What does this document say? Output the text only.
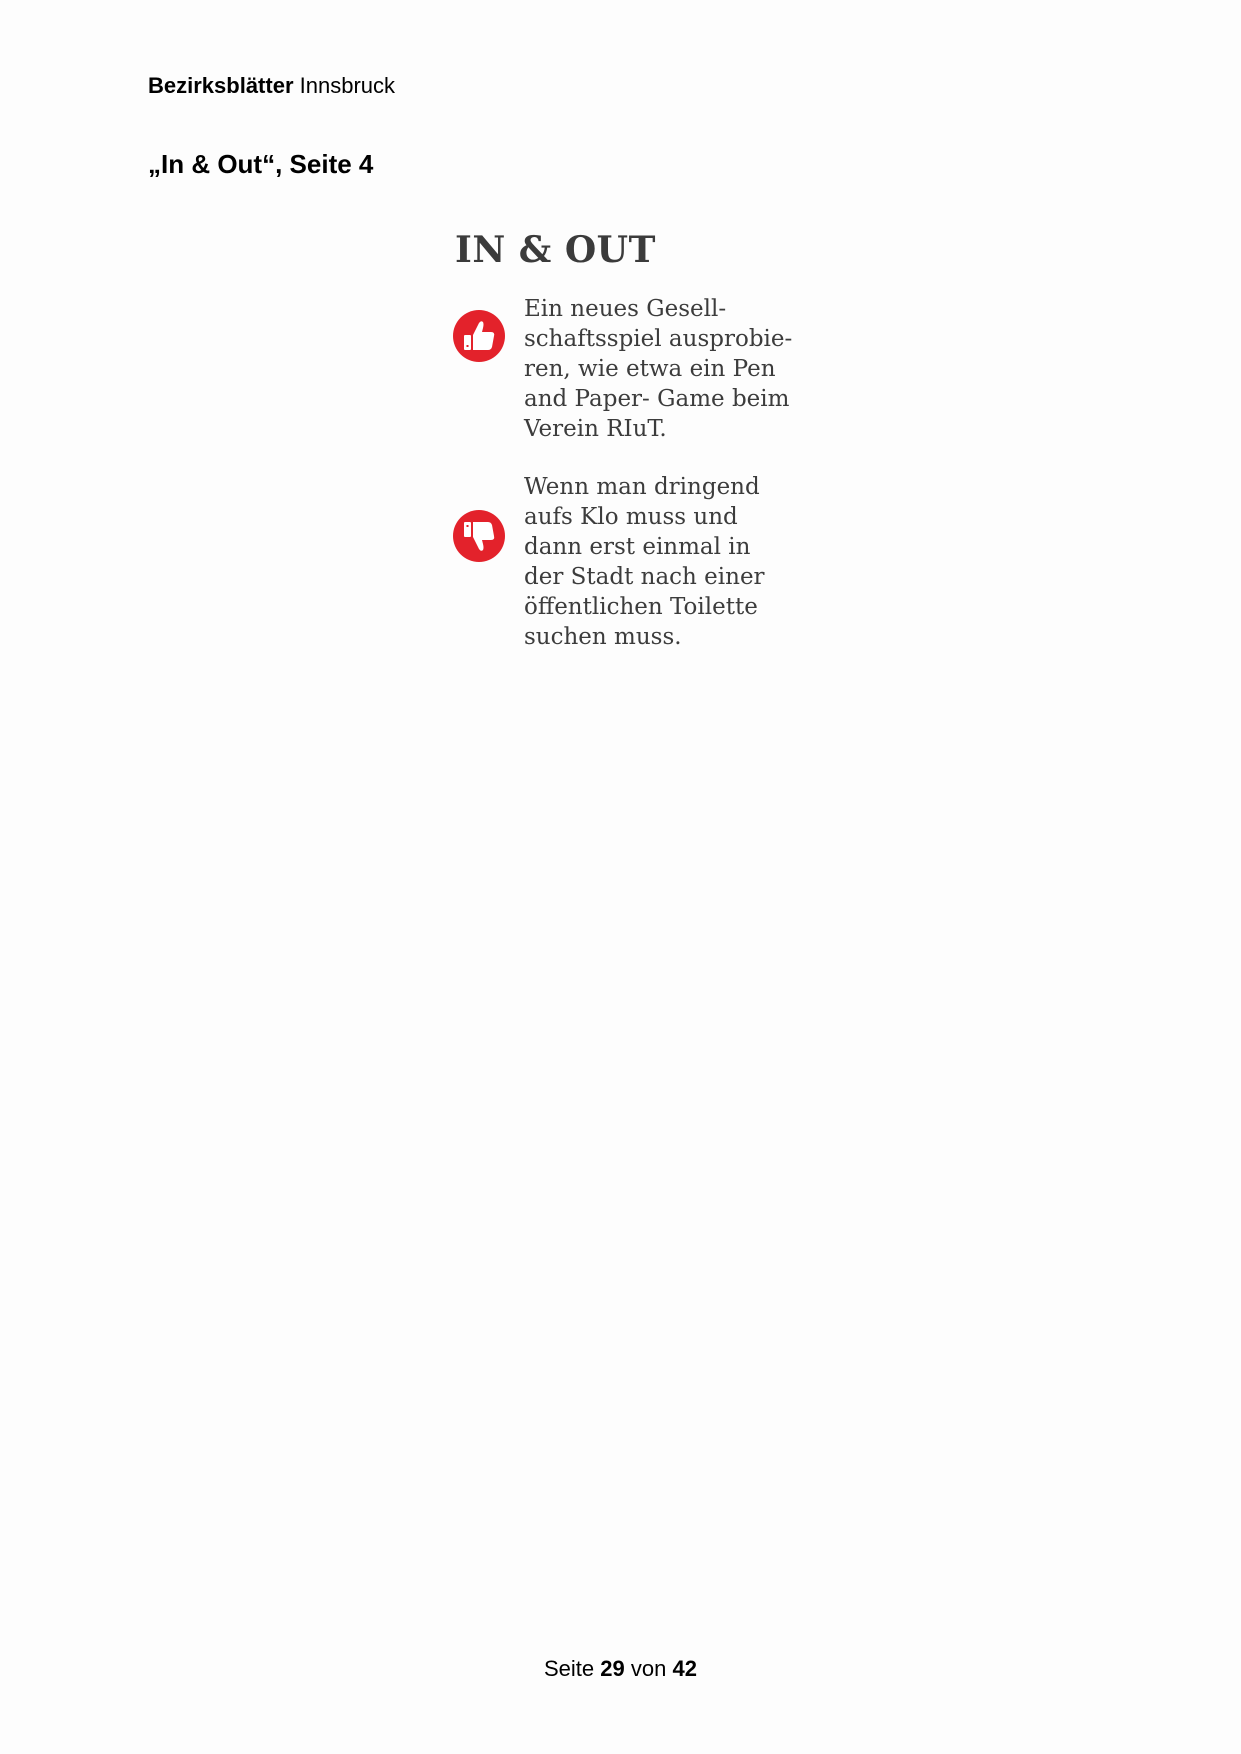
Bezirksblätter Innsbruck
„In & Out“, Seite 4
IN & OUT

Ein neues Gesell-
schaftsspiel ausprobie-
ren, wie etwa ein Pen
and Paper- Game beim
Verein RIuT.

Wenn man dringend
aufs Klo muss und
dann erst einmal in
der Stadt nach einer
öffentlichen Toilette
suchen muss.

Seite 29 von 42
